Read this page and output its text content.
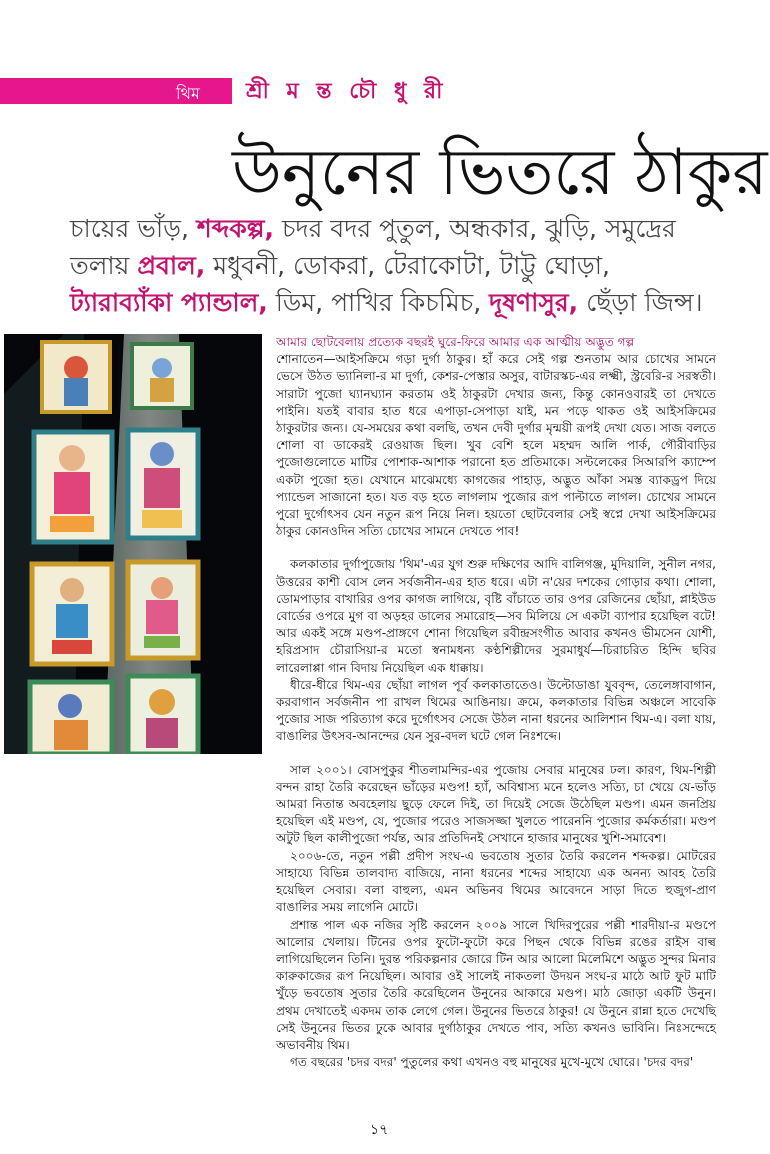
থিম শ্রী ম ন্ত চৌ ধু রী
উনুনের ভিতরে ঠাকুর
চায়ের ভাঁড়, শব্দকল্প, চদর বদর পুতুল, অন্ধকার, ঝুড়ি, সমুদ্রের তলায় প্রবাল, মধুবনী, ডোকরা, টেরাকোটা, টাট্টু ঘোড়া, ট্যারাব্যাঁকা প্যান্ডাল, ডিম, পাখির কিচমিচ, দূষণাসুর, ছেঁড়া জিন্স।

আমার ছোটবেলায় প্রত্যেক বছরই ঘুরে-ফিরে আমার এক আত্মীয় অদ্ভুত গল্প

শোনাতেন—আইসক্রিমে গড়া দুর্গা ঠাকুর। হাঁ করে সেই গল্প শুনতাম আর চোখের সামনে ভেসে উঠত ভ্যানিলা-র মা দুর্গা, কেশর-পেস্তার অসুর, বাটারস্কচ-এর লক্ষ্মী, স্ট্রবেরি-র সরস্বতী। সারাটা পুজো ঘ্যানঘ্যান করতাম ওই ঠাকুরটা দেখার জন্য, কিন্তু কোনওবারই তা দেখতে পাইনি। যতই বাবার হাত ধরে এপাড়া-সেপাড়া যাই, মন পড়ে থাকত ওই আইসক্রিমের ঠাকুরটার জন্য। যে-সময়ের কথা বলছি, তখন দেবী দুর্গার মৃন্ময়ী রূপই দেখা যেত। সাজ বলতে শোলা বা ডাকেরই রেওয়াজ ছিল। খুব বেশি হলে মহম্মদ আলি পার্ক, গৌরীবাড়ির পুজোগুলোতে মাটির পোশাক-আশাক পরানো হত প্রতিমাকে। সল্টলেকের সিআরপি ক্যাম্পে একটা পুজো হত। যেখানে মাঝেমধ্যে কাগজের পাহাড়, অদ্ভুত আঁকা সমস্ত ব্যাকড্রপ দিয়ে প্যান্ডেল সাজানো হত। যত বড় হতে লাগলাম পুজোর রূপ পাল্টাতে লাগল। চোখের সামনে পুরো দুর্গোৎসব যেন নতুন রূপ নিয়ে নিল। হয়তো ছোটবেলার সেই স্বপ্নে দেখা আইসক্রিমের ঠাকুর কোনওদিন সত্যি চোখের সামনে দেখতে পাব!

কলকাতার দুর্গাপুজোয় 'থিম'-এর যুগ শুরু দক্ষিণের আদি বালিগঞ্জ, মুদিয়ালি, সুনীল নগর, উত্তরের কাশী বোস লেন সর্বজনীন-এর হাত ধরে। এটা ন'য়ের দশকের গোড়ার কথা। শোলা, ডোমপাড়ার বাখারির ওপর কাগজ লাগিয়ে, বৃষ্টি বাঁচাতে তার ওপর রেজিনের ছোঁয়া, প্লাইউড বোর্ডের ওপরে মুগ বা অড়হর ডালের সমারোহ—সব মিলিয়ে সে একটা ব্যাপার হয়েছিল বটে! আর একই সঙ্গে মণ্ডপ-প্রাঙ্গণে শোনা গিয়েছিল রবীন্দ্রসংগীত আবার কখনও ভীমসেন যোশী, হরিপ্রসাদ চৌরাসিয়া-র মতো স্বনামধন্য কণ্ঠশিল্পীদের সুরমাধুর্য—চিরাচরিত হিন্দি ছবির লারেলাপ্পা গান বিদায় নিয়েছিল এক ধাক্কায়।

ধীরে-ধীরে থিম-এর ছোঁয়া লাগল পূর্ব কলকাতাতেও। উল্টোডাঙা যুববৃন্দ, তেলেঙ্গাবাগান, করবাগান সর্বজনীন পা রাখল থিমের আঙিনায়। ক্রমে, কলকাতার বিভিন্ন অঞ্চলে সাবেকি পুজোর সাজ পরিত্যাগ করে দুর্গোৎসব সেজে উঠল নানা ধরনের আলিশান থিম-এ। বলা যায়, বাঙালির উৎসব-আনন্দের যেন সুর-বদল ঘটে গেল নিঃশব্দে।

সাল ২০০১। বোসপুকুর শীতলামন্দির-এর পুজোয় সেবার মানুষের ঢল। কারণ, থিম-শিল্পী বন্দন রাহা তৈরি করেছেন ভাঁড়ের মণ্ডপ! হ্যাঁ, অবিশ্বাস্য মনে হলেও সত্যি, চা খেয়ে যে-ভাঁড় আমরা নিতান্ত অবহেলায় ছুড়ে ফেলে দিই, তা দিয়েই সেজে উঠেছিল মণ্ডপ। এমন জনপ্রিয় হয়েছিল এই মণ্ডপ, যে, পুজোর পরেও সাজসজ্জা খুলতে পারেননি পুজোর কর্মকর্তারা। মণ্ডপ অটুট ছিল কালীপুজো পর্যন্ত, আর প্রতিদিনই সেখানে হাজার মানুষের খুশি-সমাবেশ।

২০০৬-তে, নতুন পল্লী প্রদীপ সংঘ-এ ভবতোষ সুতার তৈরি করলেন শব্দকল্প। মোটরের সাহায্যে বিভিন্ন তালবাদ্য বাজিয়ে, নানা ধরনের শব্দের সাহায্যে এক অনন্য আবহ তৈরি হয়েছিল সেবার। বলা বাহুল্য, এমন অভিনব থিমের আবেদনে সাড়া দিতে হুজুগ-প্রাণ বাঙালির সময় লাগেনি মোটে।

প্রশান্ত পাল এক নজির সৃষ্টি করলেন ২০০৯ সালে খিদিরপুরের পল্লী শারদীয়া-র মণ্ডপে আলোর খেলায়। টিনের ওপর ফুটো-ফুটো করে পিছন থেকে বিভিন্ন রঙের রাইস বাল্ব লাগিয়েছিলেন তিনি। দুরন্ত পরিকল্পনার জোরে টিন আর আলো মিলেমিশে অদ্ভুত সুন্দর মিনার কারুকাজের রূপ নিয়েছিল। আবার ওই সালেই নাকতলা উদয়ন সংঘ-র মাঠে আট ফুট মাটি খুঁড়ে ভবতোষ সুতার তৈরি করেছিলেন উনুনের আকারে মণ্ডপ। মাঠ জোড়া একটি উনুন। প্রথম দেখাতেই একদম তাক লেগে গেল। উনুনের ভিতরে ঠাকুর! যে উনুনে রান্না হতে দেখেছি সেই উনুনের ভিতর ঢুকে আবার দুর্গাঠাকুর দেখতে পাব, সত্যি কখনও ভাবিনি। নিঃসন্দেহে অভাবনীয় থিম।

গত বছরের 'চদর বদর' পুতুলের কথা এখনও বহু মানুষের মুখে-মুখে ঘোরে। 'চদর বদর'

১৭
